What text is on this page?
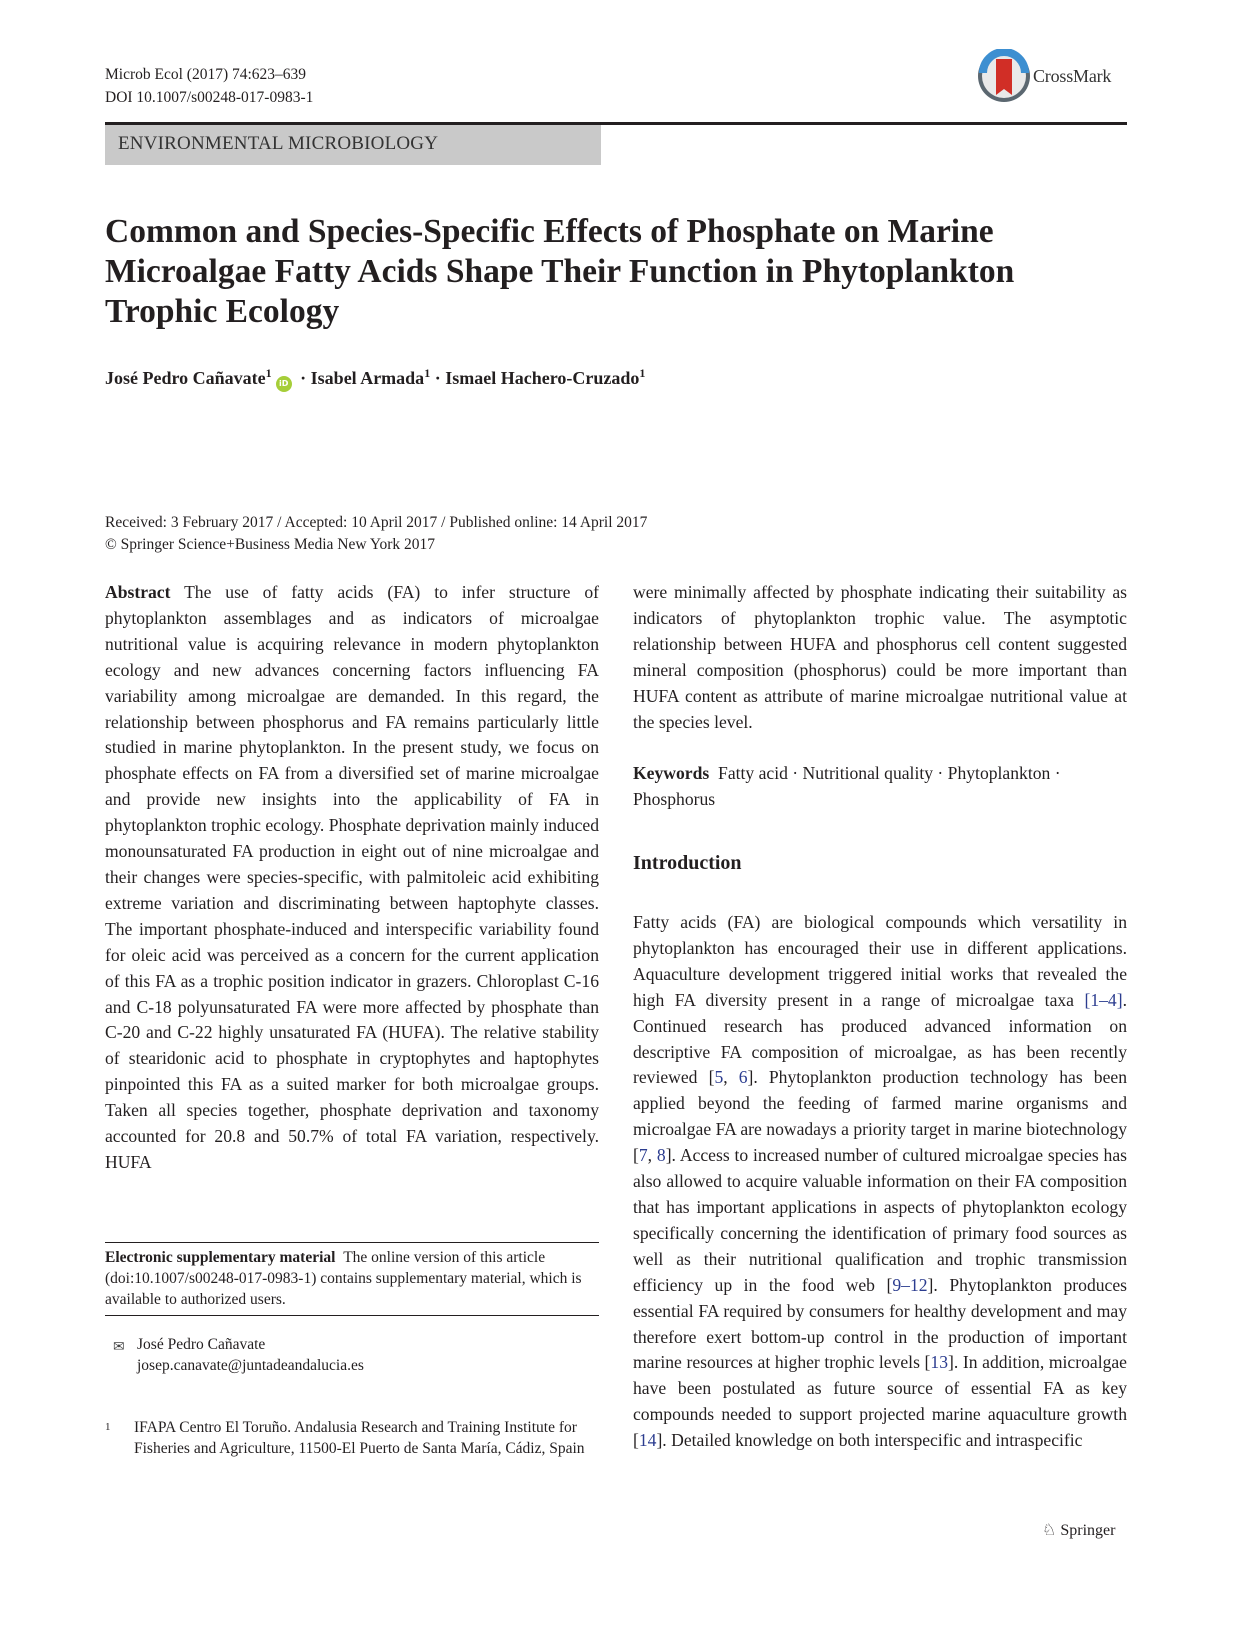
Microb Ecol (2017) 74:623–639
DOI 10.1007/s00248-017-0983-1
CrossMark
ENVIRONMENTAL MICROBIOLOGY
Common and Species-Specific Effects of Phosphate on Marine
Microalgae Fatty Acids Shape Their Function in Phytoplankton
Trophic Ecology
José Pedro Cañavate$^1$iD · Isabel Armada$^1$ · Ismael Hachero-Cruzado$^1$
Received: 3 February 2017 / Accepted: 10 April 2017 / Published online: 14 April 2017
© Springer Science+Business Media New York 2017

Abstract The use of fatty acids (FA) to infer structure of phytoplankton assemblages and as indicators of microalgae nutritional value is acquiring relevance in modern phytoplankton ecology and new advances concerning factors influencing FA variability among microalgae are demanded. In this regard, the relationship between phosphorus and FA remains particularly little studied in marine phytoplankton. In the present study, we focus on phosphate effects on FA from a diversified set of marine microalgae and provide new insights into the applicability of FA in phytoplankton trophic ecology. Phosphate deprivation mainly induced monounsaturated FA production in eight out of nine microalgae and their changes were species-specific, with palmitoleic acid exhibiting extreme variation and discriminating between haptophyte classes. The important phosphate-induced and interspecific variability found for oleic acid was perceived as a concern for the current application of this FA as a trophic position indicator in grazers. Chloroplast C-16 and C-18 polyunsaturated FA were more affected by phosphate than C-20 and C-22 highly unsaturated FA (HUFA). The relative stability of stearidonic acid to phosphate in cryptophytes and haptophytes pinpointed this FA as a suited marker for both microalgae groups. Taken all species together, phosphate deprivation and taxonomy accounted for 20.8 and 50.7% of total FA variation, respectively. HUFA

Electronic supplementary material The online version of this article (doi:10.1007/s00248-017-0983-1) contains supplementary material, which is available to authorized users.
✉ José Pedro Cañavate
josep.canavate@juntadeandalucia.es
1	IFAPA Centro El Toruño. Andalusia Research and Training Institute for Fisheries and Agriculture, 11500-El Puerto de Santa María, Cádiz, Spain

were minimally affected by phosphate indicating their suitability as indicators of phytoplankton trophic value. The asymptotic relationship between HUFA and phosphorus cell content suggested mineral composition (phosphorus) could be more important than HUFA content as attribute of marine microalgae nutritional value at the species level.

Keywords Fatty acid · Nutritional quality · Phytoplankton · Phosphorus

Introduction

Fatty acids (FA) are biological compounds which versatility in phytoplankton has encouraged their use in different applications. Aquaculture development triggered initial works that revealed the high FA diversity present in a range of microalgae taxa [1–4]. Continued research has produced advanced information on descriptive FA composition of microalgae, as has been recently reviewed [5, 6]. Phytoplankton production technology has been applied beyond the feeding of farmed marine organisms and microalgae FA are nowadays a priority target in marine biotechnology [7, 8]. Access to increased number of cultured microalgae species has also allowed to acquire valuable information on their FA composition that has important applications in aspects of phytoplankton ecology specifically concerning the identification of primary food sources as well as their nutritional qualification and trophic transmission efficiency up in the food web [9–12]. Phytoplankton produces essential FA required by consumers for healthy development and may therefore exert bottom-up control in the production of important marine resources at higher trophic levels [13]. In addition, microalgae have been postulated as future source of essential FA as key compounds needed to support projected marine aquaculture growth [14]. Detailed knowledge on both interspecific and intraspecific

♘ Springer
